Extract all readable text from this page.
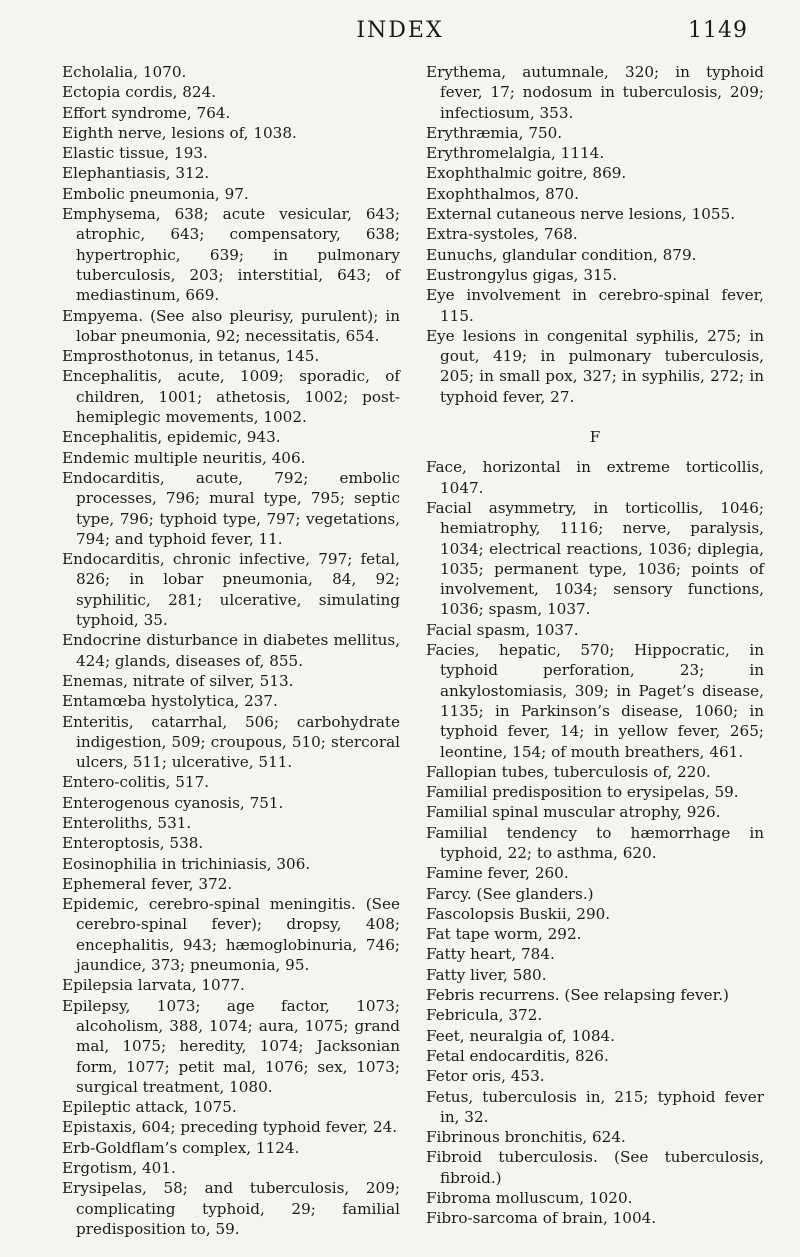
INDEX	1149
Echolalia, 1070.
Ectopia cordis, 824.
Effort syndrome, 764.
Eighth nerve, lesions of, 1038.
Elastic tissue, 193.
Elephantiasis, 312.
Embolic pneumonia, 97.
Emphysema, 638; acute vesicular, 643; atrophic, 643; compensatory, 638; hypertrophic, 639; in pulmonary tuberculosis, 203; interstitial, 643; of mediastinum, 669.
Empyema. (See also pleurisy, purulent); in lobar pneumonia, 92; necessitatis, 654.
Emprosthotonus, in tetanus, 145.
Encephalitis, acute, 1009; sporadic, of children, 1001; athetosis, 1002; post-hemiplegic movements, 1002.
Encephalitis, epidemic, 943.
Endemic multiple neuritis, 406.
Endocarditis, acute, 792; embolic processes, 796; mural type, 795; septic type, 796; typhoid type, 797; vegetations, 794; and typhoid fever, 11.
Endocarditis, chronic infective, 797; fetal, 826; in lobar pneumonia, 84, 92; syphilitic, 281; ulcerative, simulating typhoid, 35.
Endocrine disturbance in diabetes mellitus, 424; glands, diseases of, 855.
Enemas, nitrate of silver, 513.
Entamœba hystolytica, 237.
Enteritis, catarrhal, 506; carbohydrate indigestion, 509; croupous, 510; stercoral ulcers, 511; ulcerative, 511.
Entero-colitis, 517.
Enterogenous cyanosis, 751.
Enteroliths, 531.
Enteroptosis, 538.
Eosinophilia in trichiniasis, 306.
Ephemeral fever, 372.
Epidemic, cerebro-spinal meningitis. (See cerebro-spinal fever); dropsy, 408; encephalitis, 943; hæmoglobinuria, 746; jaundice, 373; pneumonia, 95.
Epilepsia larvata, 1077.
Epilepsy, 1073; age factor, 1073; alcoholism, 388, 1074; aura, 1075; grand mal, 1075; heredity, 1074; Jacksonian form, 1077; petit mal, 1076; sex, 1073; surgical treatment, 1080.
Epileptic attack, 1075.
Epistaxis, 604; preceding typhoid fever, 24.
Erb-Goldflam’s complex, 1124.
Ergotism, 401.
Erysipelas, 58; and tuberculosis, 209; complicating typhoid, 29; familial predisposition to, 59.
Erythema, autumnale, 320; in typhoid fever, 17; nodosum in tuberculosis, 209; infectiosum, 353.
Erythræmia, 750.
Erythromelalgia, 1114.
Exophthalmic goitre, 869.
Exophthalmos, 870.
External cutaneous nerve lesions, 1055.
Extra-systoles, 768.
Eunuchs, glandular condition, 879.
Eustrongylus gigas, 315.
Eye involvement in cerebro-spinal fever, 115.
Eye lesions in congenital syphilis, 275; in gout, 419; in pulmonary tuberculosis, 205; in small pox, 327; in syphilis, 272; in typhoid fever, 27.
F
Face, horizontal in extreme torticollis, 1047.
Facial asymmetry, in torticollis, 1046; hemiatrophy, 1116; nerve, paralysis, 1034; electrical reactions, 1036; diplegia, 1035; permanent type, 1036; points of involvement, 1034; sensory functions, 1036; spasm, 1037.
Facial spasm, 1037.
Facies, hepatic, 570; Hippocratic, in typhoid perforation, 23; in ankylostomiasis, 309; in Paget’s disease, 1135; in Parkinson’s disease, 1060; in typhoid fever, 14; in yellow fever, 265; leontine, 154; of mouth breathers, 461.
Fallopian tubes, tuberculosis of, 220.
Familial predisposition to erysipelas, 59.
Familial spinal muscular atrophy, 926.
Familial tendency to hæmorrhage in typhoid, 22; to asthma, 620.
Famine fever, 260.
Farcy. (See glanders.)
Fascolopsis Buskii, 290.
Fat tape worm, 292.
Fatty heart, 784.
Fatty liver, 580.
Febris recurrens. (See relapsing fever.)
Febricula, 372.
Feet, neuralgia of, 1084.
Fetal endocarditis, 826.
Fetor oris, 453.
Fetus, tuberculosis in, 215; typhoid fever in, 32.
Fibrinous bronchitis, 624.
Fibroid tuberculosis. (See tuberculosis, fibroid.)
Fibroma molluscum, 1020.
Fibro-sarcoma of brain, 1004.
